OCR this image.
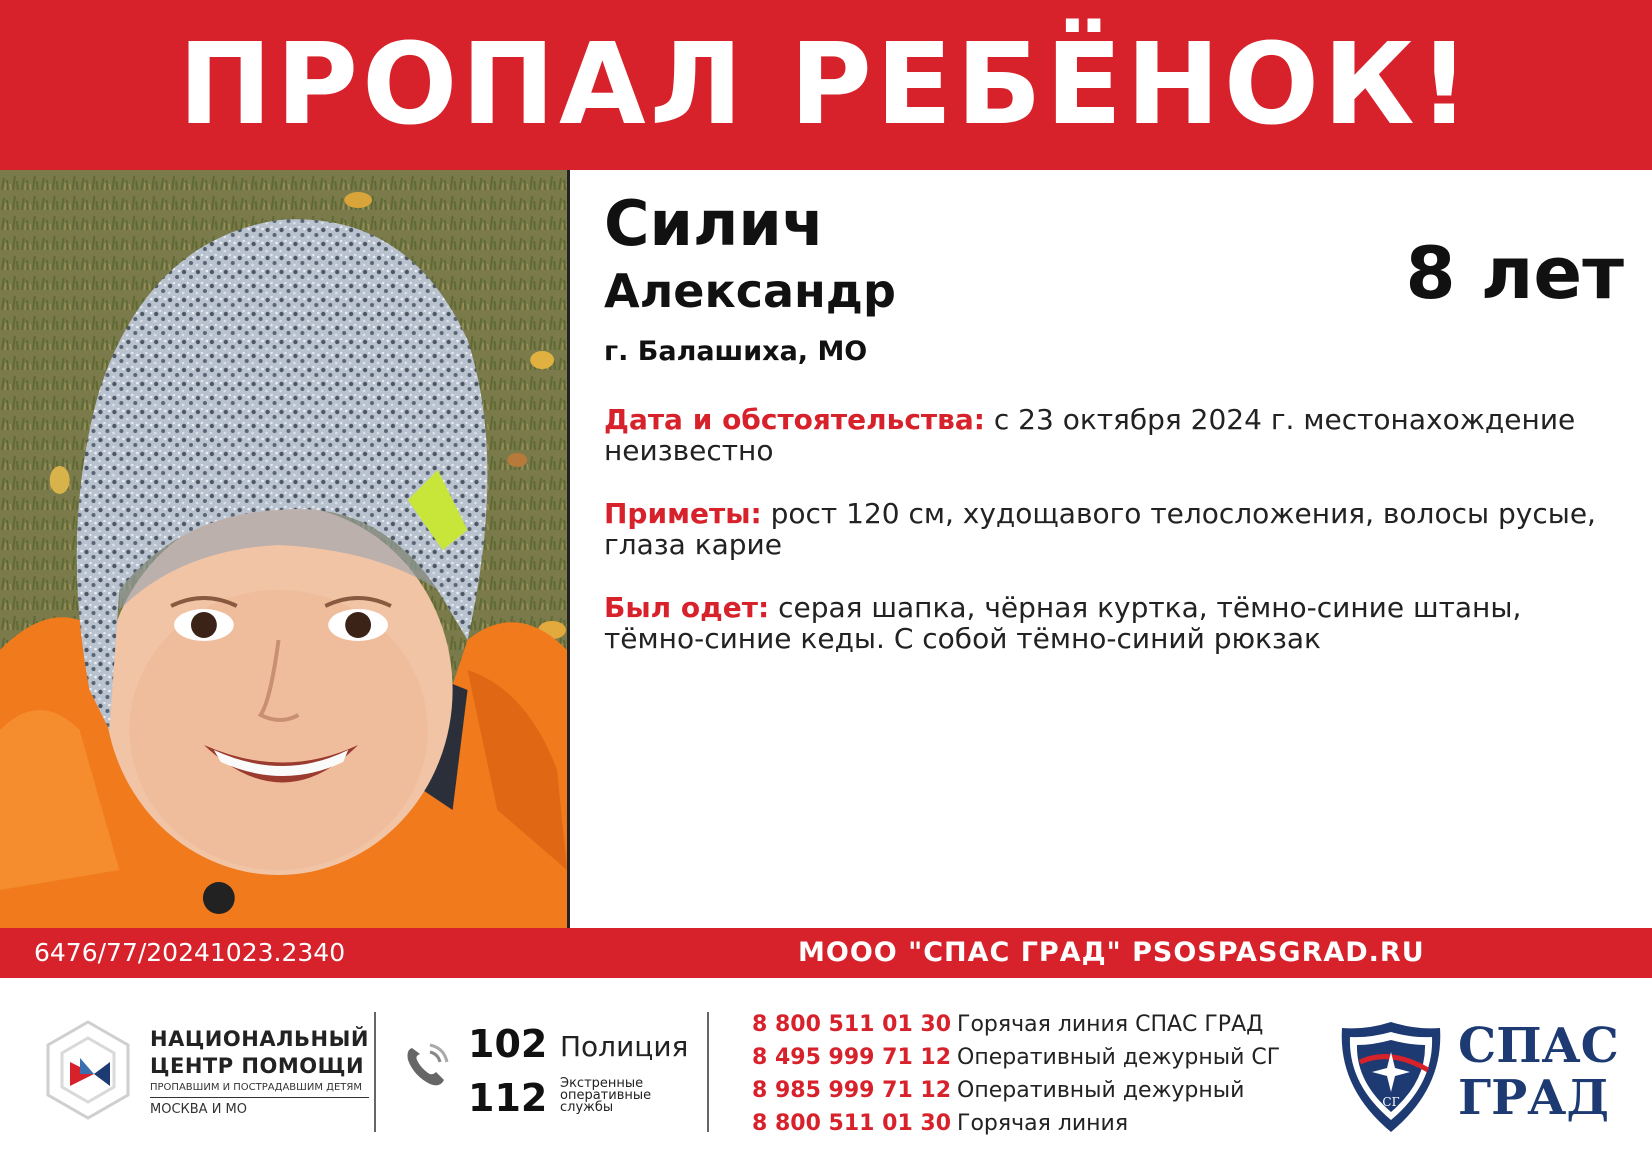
ПРОПАЛ РЕБЁНОК!
Силич
Александр	8 лет
г. Балашиха, МО
Дата и обстоятельства: с 23 октября 2024 г. местонахождение неизвестно
Приметы: рост 120 см, худощавого телосложения, волосы русые, глаза карие
Был одет: серая шапка, чёрная куртка, тёмно-синие штаны, тёмно-синие кеды. С собой тёмно-синий рюкзак
6476/77/20241023.2340	МООО "СПАС ГРАД" PSOSPASGRAD.RU
НАЦИОНАЛЬНЫЙ
ЦЕНТР ПОМОЩИ
ПРОПАВШИМ И ПОСТРАДАВШИМ ДЕТЯМ
МОСКВА И МО
102 Полиция
112 Экстренные оперативные службы
8 800 511 01 30 Горячая линия СПАС ГРАД
8 495 999 71 12 Оперативный дежурный СГ
8 985 999 71 12 Оперативный дежурный
8 800 511 01 30 Горячая линия
СГ
СПАС
ГРАД
